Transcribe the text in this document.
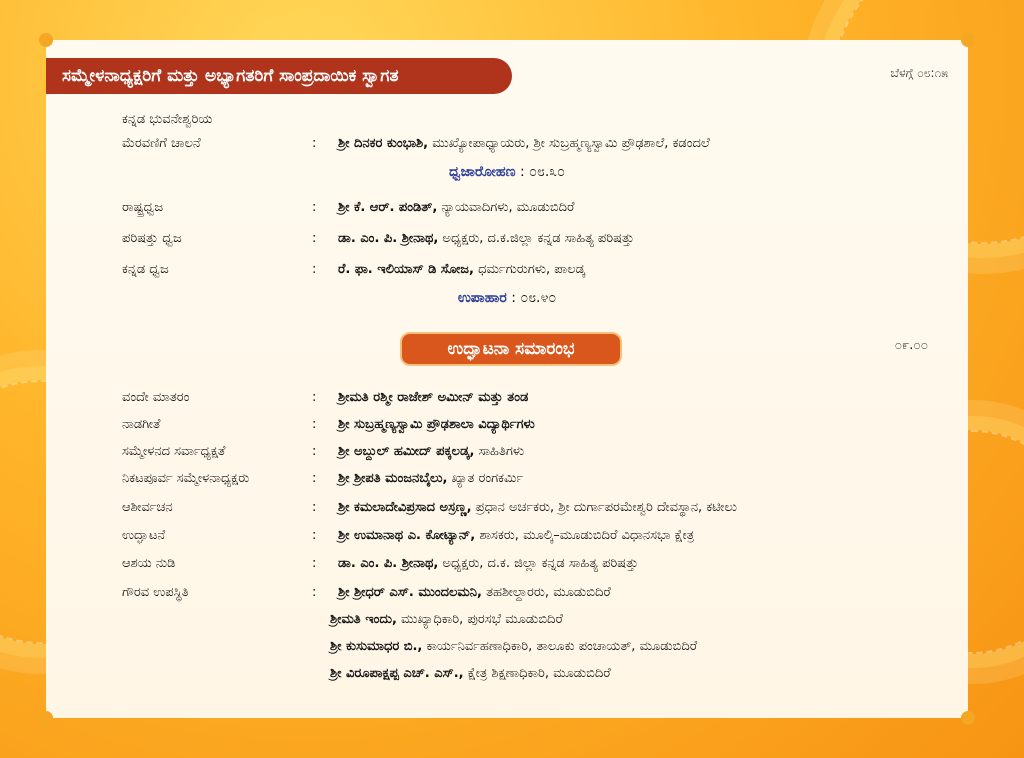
ಸಮ್ಮೇಳನಾಧ್ಯಕ್ಷರಿಗೆ ಮತ್ತು ಅಭ್ಯಾಗತರಿಗೆ ಸಾಂಪ್ರದಾಯಿಕ ಸ್ವಾಗತ	ಬೆಳಗ್ಗೆ ೦೮:೧೫
ಕನ್ನಡ ಭುವನೇಶ್ವರಿಯ
ಮೆರವಣಿಗೆ ಚಾಲನೆ	: ಶ್ರೀ ದಿನಕರ ಕುಂಭಾಶಿ, ಮುಖ್ಯೋಪಾಧ್ಯಾಯರು, ಶ್ರೀ ಸುಬ್ರಹ್ಮಣ್ಯಸ್ವಾಮಿ ಪ್ರೌಢಶಾಲೆ, ಕಡಂದಲೆ
ಧ್ವಜಾರೋಹಣ : ೦೮.೩೦
ರಾಷ್ಟ್ರಧ್ವಜ	: ಶ್ರೀ ಕೆ. ಆರ್. ಪಂಡಿತ್, ನ್ಯಾಯವಾದಿಗಳು, ಮೂಡುಬಿದಿರೆ
ಪರಿಷತ್ತು ಧ್ವಜ	: ಡಾ. ಎಂ. ಪಿ. ಶ್ರೀನಾಥ, ಅಧ್ಯಕ್ಷರು, ದ.ಕ.ಜಿಲ್ಲಾ ಕನ್ನಡ ಸಾಹಿತ್ಯ ಪರಿಷತ್ತು
ಕನ್ನಡ ಧ್ವಜ	: ರೆ. ಫಾ. ಇಲಿಯಾಸ್ ಡಿ ಸೋಜ, ಧರ್ಮಗುರುಗಳು, ಪಾಲಡ್ಕ
ಉಪಾಹಾರ : ೦೮.೪೦
ಉದ್ಘಾಟನಾ ಸಮಾರಂಭ	೦೯.೦೦
ವಂದೇ ಮಾತರಂ	: ಶ್ರೀಮತಿ ರಶ್ಮೀ ರಾಜೇಶ್ ಅಮೀನ್ ಮತ್ತು ತಂಡ
ನಾಡಗೀತೆ	: ಶ್ರೀ ಸುಬ್ರಹ್ಮಣ್ಯಸ್ವಾಮಿ ಪ್ರೌಢಶಾಲಾ ವಿದ್ಯಾರ್ಥಿಗಳು
ಸಮ್ಮೇಳನದ ಸರ್ವಾಧ್ಯಕ್ಷತೆ	: ಶ್ರೀ ಅಬ್ದುಲ್ ಹಮೀದ್ ಪಕ್ಕಲಡ್ಕ, ಸಾಹಿತಿಗಳು
ನಿಕಟಪೂರ್ವ ಸಮ್ಮೇಳನಾಧ್ಯಕ್ಷರು	: ಶ್ರೀ ಶ್ರೀಪತಿ ಮಂಜನಬೈಲು, ಖ್ಯಾತ ರಂಗಕರ್ಮಿ
ಆಶೀರ್ವಚನ	: ಶ್ರೀ ಕಮಲಾದೇವಿಪ್ರಸಾದ ಅಸ್ರಣ್ಣ, ಪ್ರಧಾನ ಅರ್ಚಕರು, ಶ್ರೀ ದುರ್ಗಾಪರಮೇಶ್ವರಿ ದೇವಸ್ಥಾನ, ಕಟೀಲು
ಉದ್ಘಾಟನೆ	: ಶ್ರೀ ಉಮಾನಾಥ ಎ. ಕೋಟ್ಯಾನ್, ಶಾಸಕರು, ಮೂಲ್ಕಿ–ಮೂಡುಬಿದಿರೆ ವಿಧಾನಸಭಾ ಕ್ಷೇತ್ರ
ಆಶಯ ನುಡಿ	: ಡಾ. ಎಂ. ಪಿ. ಶ್ರೀನಾಥ, ಅಧ್ಯಕ್ಷರು, ದ.ಕ. ಜಿಲ್ಲಾ ಕನ್ನಡ ಸಾಹಿತ್ಯ ಪರಿಷತ್ತು
ಗೌರವ ಉಪಸ್ಥಿತಿ	: ಶ್ರೀ ಶ್ರೀಧರ್ ಎಸ್. ಮುಂದಲಮನಿ, ತಹಶೀಲ್ದಾರರು, ಮೂಡುಬಿದಿರೆ
ಶ್ರೀಮತಿ ಇಂದು, ಮುಖ್ಯಾಧಿಕಾರಿ, ಪುರಸಭೆ ಮೂಡುಬಿದಿರೆ
ಶ್ರೀ ಕುಸುಮಾಧರ ಬಿ., ಕಾರ್ಯನಿರ್ವಹಣಾಧಿಕಾರಿ, ತಾಲೂಕು ಪಂಚಾಯತ್, ಮೂಡುಬಿದಿರೆ
ಶ್ರೀ ವಿರೂಪಾಕ್ಷಪ್ಪ ಎಚ್. ಎಸ್., ಕ್ಷೇತ್ರ ಶಿಕ್ಷಣಾಧಿಕಾರಿ, ಮೂಡುಬಿದಿರೆ
